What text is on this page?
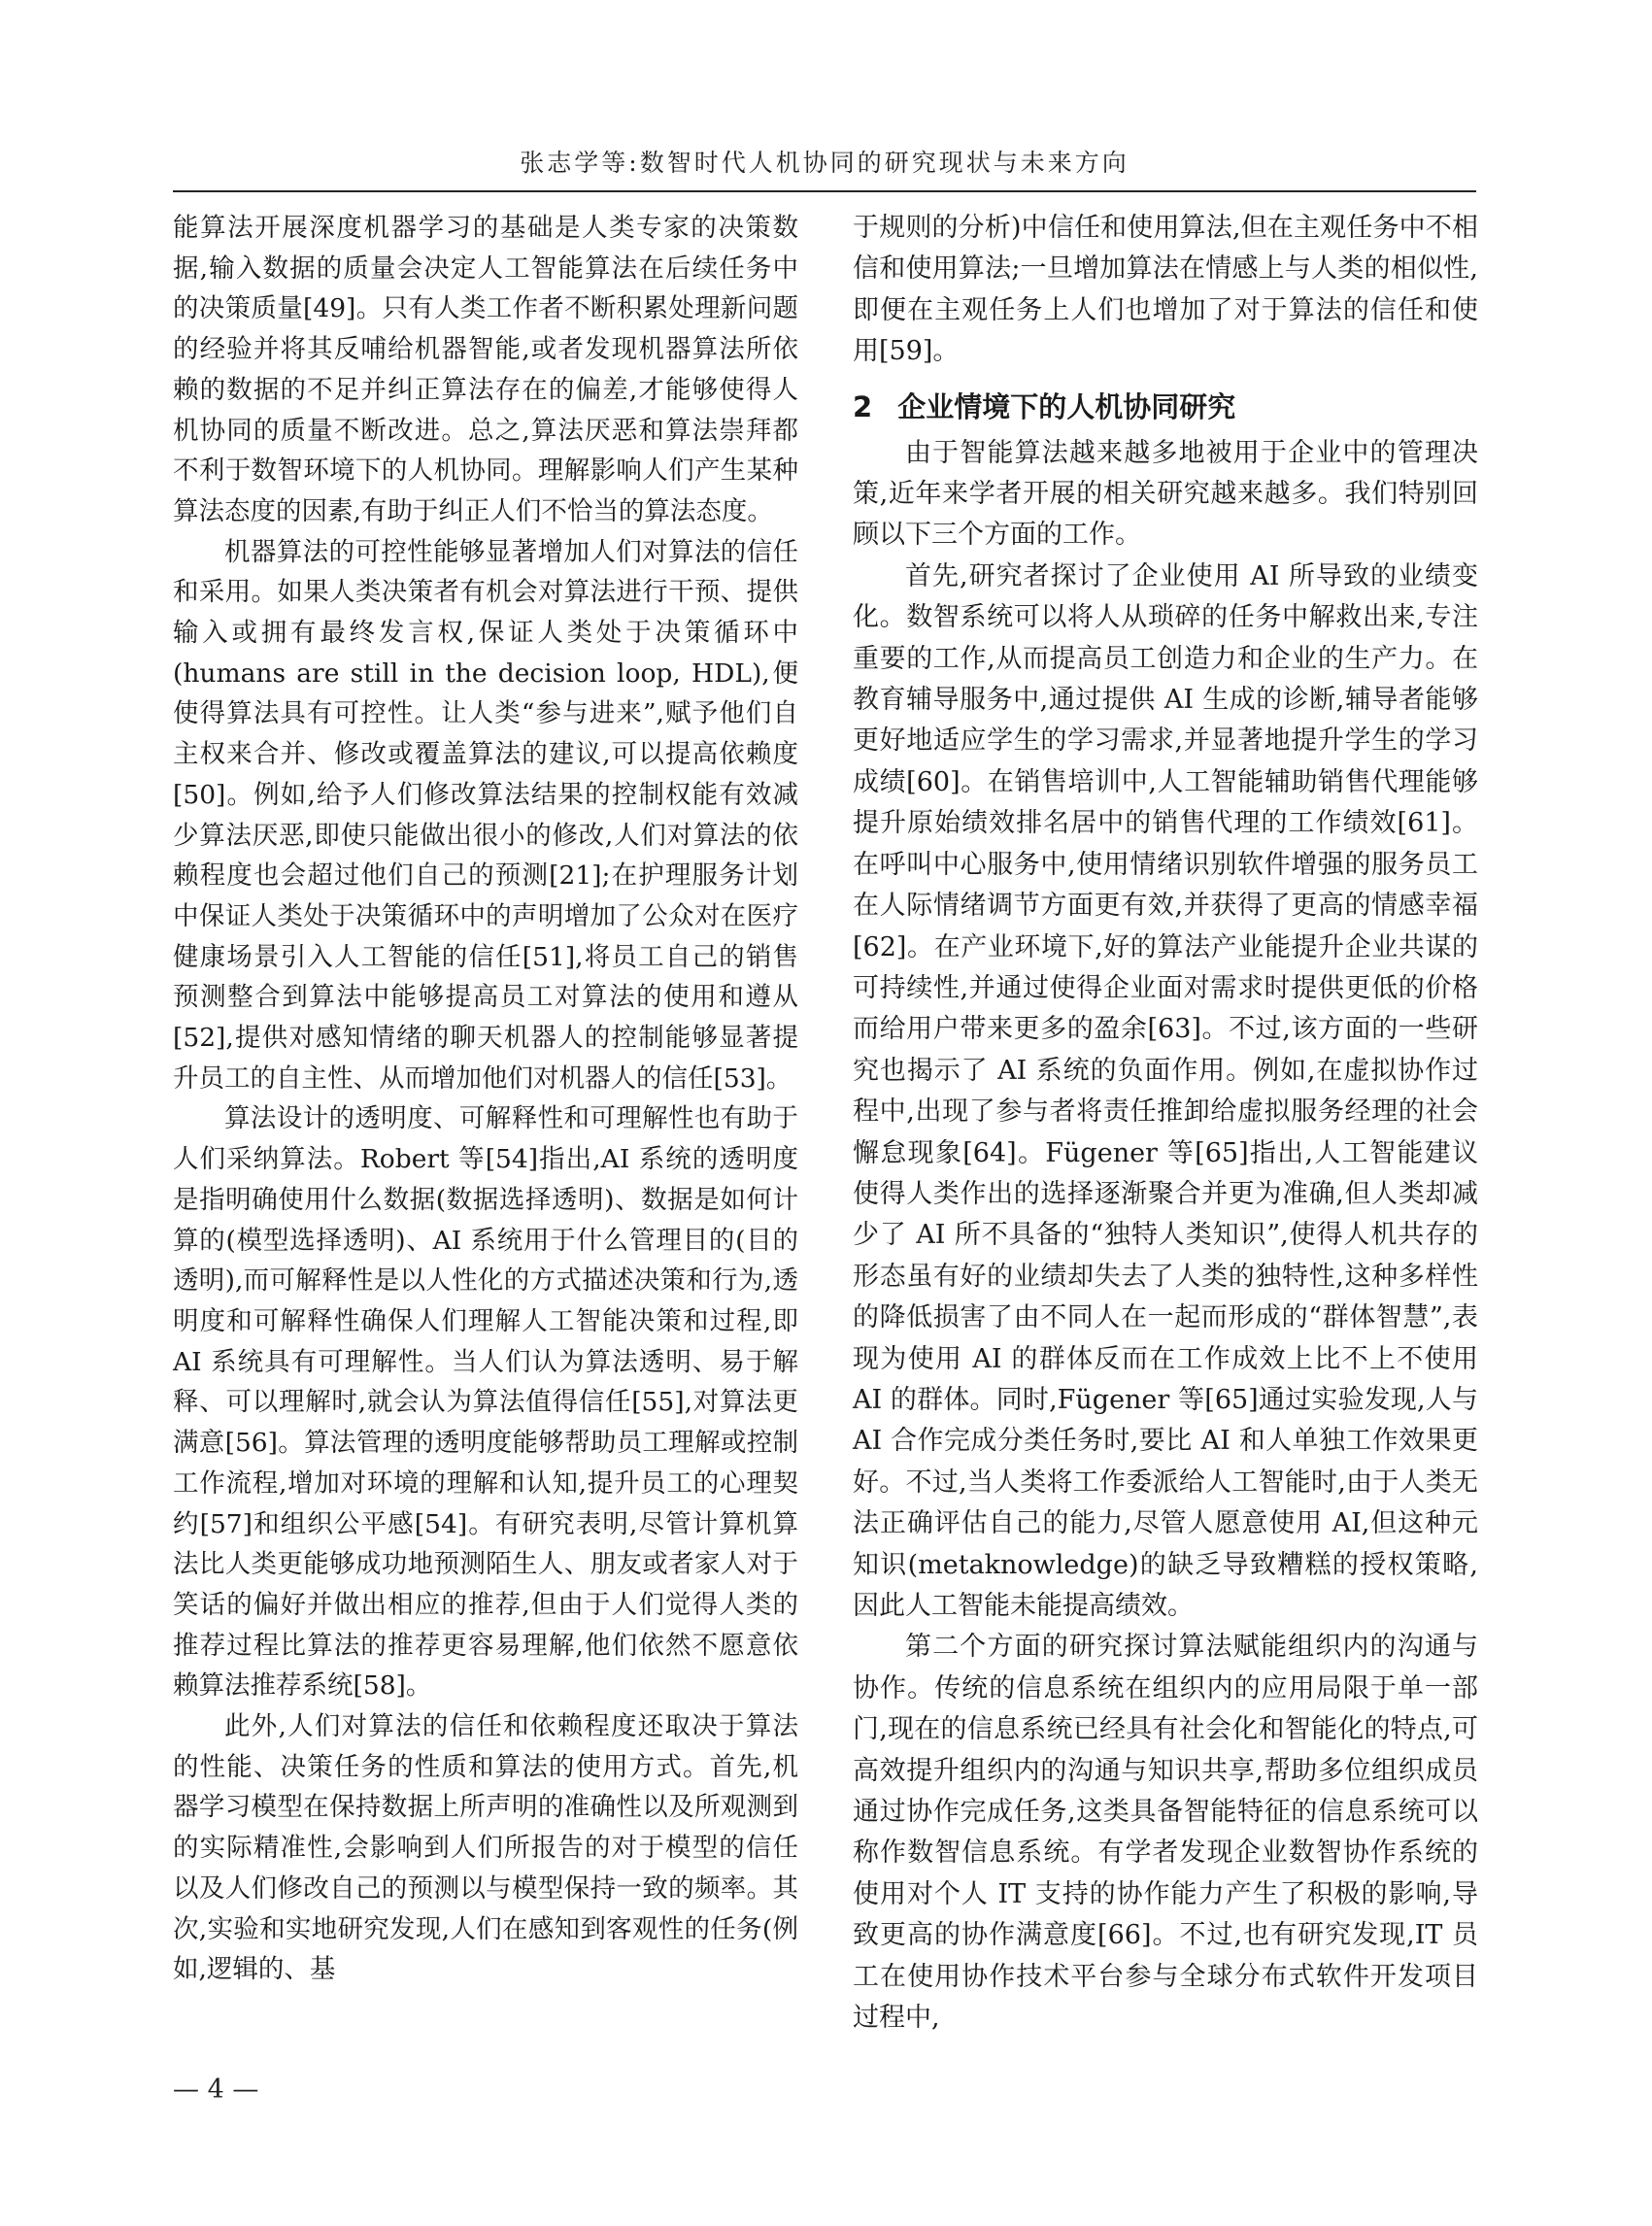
张志学等:数智时代人机协同的研究现状与未来方向

能算法开展深度机器学习的基础是人类专家的决策数据,输入数据的质量会决定人工智能算法在后续任务中的决策质量[49]。只有人类工作者不断积累处理新问题的经验并将其反哺给机器智能,或者发现机器算法所依赖的数据的不足并纠正算法存在的偏差,才能够使得人机协同的质量不断改进。总之,算法厌恶和算法崇拜都不利于数智环境下的人机协同。理解影响人们产生某种算法态度的因素,有助于纠正人们不恰当的算法态度。

机器算法的可控性能够显著增加人们对算法的信任和采用。如果人类决策者有机会对算法进行干预、提供输入或拥有最终发言权,保证人类处于决策循环中(humans are still in the decision loop, HDL),便使得算法具有可控性。让人类“参与进来”,赋予他们自主权来合并、修改或覆盖算法的建议,可以提高依赖度[50]。例如,给予人们修改算法结果的控制权能有效减少算法厌恶,即使只能做出很小的修改,人们对算法的依赖程度也会超过他们自己的预测[21];在护理服务计划中保证人类处于决策循环中的声明增加了公众对在医疗健康场景引入人工智能的信任[51],将员工自己的销售预测整合到算法中能够提高员工对算法的使用和遵从[52],提供对感知情绪的聊天机器人的控制能够显著提升员工的自主性、从而增加他们对机器人的信任[53]。

算法设计的透明度、可解释性和可理解性也有助于人们采纳算法。Robert 等[54]指出,AI 系统的透明度是指明确使用什么数据(数据选择透明)、数据是如何计算的(模型选择透明)、AI 系统用于什么管理目的(目的透明),而可解释性是以人性化的方式描述决策和行为,透明度和可解释性确保人们理解人工智能决策和过程,即 AI 系统具有可理解性。当人们认为算法透明、易于解释、可以理解时,就会认为算法值得信任[55],对算法更满意[56]。算法管理的透明度能够帮助员工理解或控制工作流程,增加对环境的理解和认知,提升员工的心理契约[57]和组织公平感[54]。有研究表明,尽管计算机算法比人类更能够成功地预测陌生人、朋友或者家人对于笑话的偏好并做出相应的推荐,但由于人们觉得人类的推荐过程比算法的推荐更容易理解,他们依然不愿意依赖算法推荐系统[58]。

此外,人们对算法的信任和依赖程度还取决于算法的性能、决策任务的性质和算法的使用方式。首先,机器学习模型在保持数据上所声明的准确性以及所观测到的实际精准性,会影响到人们所报告的对于模型的信任以及人们修改自己的预测以与模型保持一致的频率。其次,实验和实地研究发现,人们在感知到客观性的任务(例如,逻辑的、基

于规则的分析)中信任和使用算法,但在主观任务中不相信和使用算法;一旦增加算法在情感上与人类的相似性,即便在主观任务上人们也增加了对于算法的信任和使用[59]。

2 企业情境下的人机协同研究

由于智能算法越来越多地被用于企业中的管理决策,近年来学者开展的相关研究越来越多。我们特别回顾以下三个方面的工作。

首先,研究者探讨了企业使用 AI 所导致的业绩变化。数智系统可以将人从琐碎的任务中解救出来,专注重要的工作,从而提高员工创造力和企业的生产力。在教育辅导服务中,通过提供 AI 生成的诊断,辅导者能够更好地适应学生的学习需求,并显著地提升学生的学习成绩[60]。在销售培训中,人工智能辅助销售代理能够提升原始绩效排名居中的销售代理的工作绩效[61]。在呼叫中心服务中,使用情绪识别软件增强的服务员工在人际情绪调节方面更有效,并获得了更高的情感幸福[62]。在产业环境下,好的算法产业能提升企业共谋的可持续性,并通过使得企业面对需求时提供更低的价格而给用户带来更多的盈余[63]。不过,该方面的一些研究也揭示了 AI 系统的负面作用。例如,在虚拟协作过程中,出现了参与者将责任推卸给虚拟服务经理的社会懈怠现象[64]。Fügener 等[65]指出,人工智能建议使得人类作出的选择逐渐聚合并更为准确,但人类却减少了 AI 所不具备的“独特人类知识”,使得人机共存的形态虽有好的业绩却失去了人类的独特性,这种多样性的降低损害了由不同人在一起而形成的“群体智慧”,表现为使用 AI 的群体反而在工作成效上比不上不使用 AI 的群体。同时,Fügener 等[65]通过实验发现,人与 AI 合作完成分类任务时,要比 AI 和人单独工作效果更好。不过,当人类将工作委派给人工智能时,由于人类无法正确评估自己的能力,尽管人愿意使用 AI,但这种元知识(metaknowledge)的缺乏导致糟糕的授权策略,因此人工智能未能提高绩效。

第二个方面的研究探讨算法赋能组织内的沟通与协作。传统的信息系统在组织内的应用局限于单一部门,现在的信息系统已经具有社会化和智能化的特点,可高效提升组织内的沟通与知识共享,帮助多位组织成员通过协作完成任务,这类具备智能特征的信息系统可以称作数智信息系统。有学者发现企业数智协作系统的使用对个人 IT 支持的协作能力产生了积极的影响,导致更高的协作满意度[66]。不过,也有研究发现,IT 员工在使用协作技术平台参与全球分布式软件开发项目过程中,

— 4 —
